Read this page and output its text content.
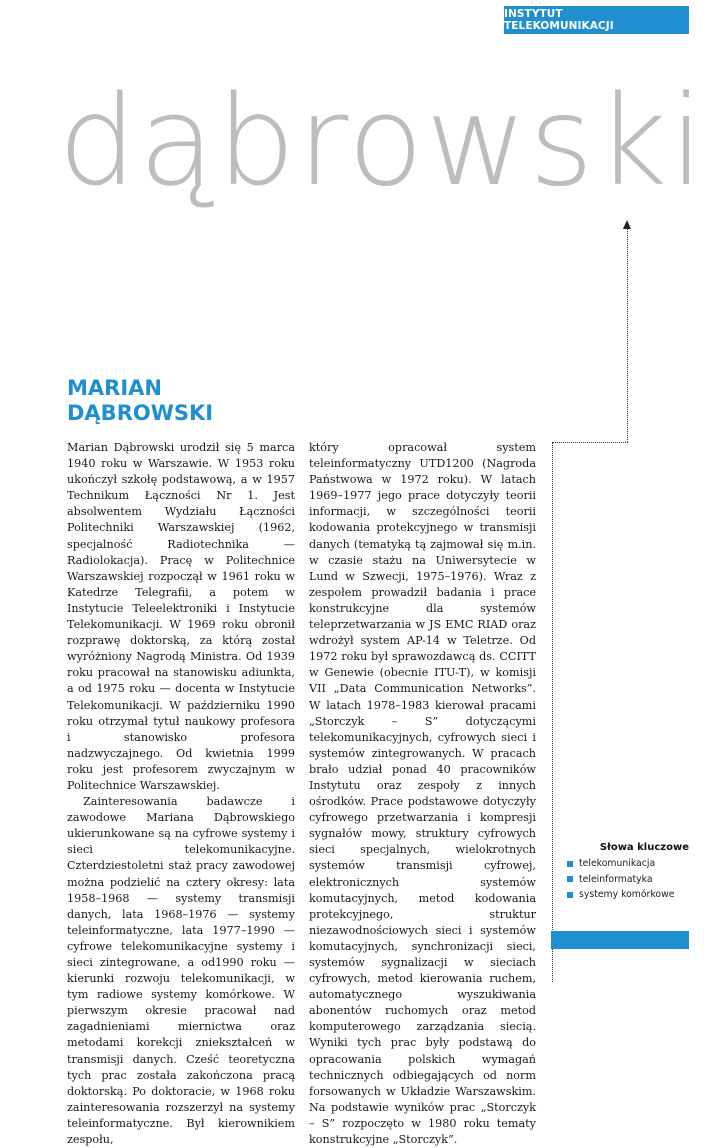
INSTYTUT TELEKOMUNIKACJI
dąbrowski
MARIAN
DĄBROWSKI

Marian Dąbrowski urodził się 5 marca 1940 roku w Warszawie. W 1953 roku ukończył szkołę podstawową, a w 1957 Technikum Łączności Nr 1. Jest absolwentem Wydziału Łączności Politechniki Warszawskiej (1962, specjalność Radiotechnika — Radiolokacja). Pracę w Politechnice Warszawskiej rozpoczął w 1961 roku w Katedrze Telegrafii, a potem w Instytucie Teleelektroniki i Instytucie Telekomunikacji. W 1969 roku obronił rozprawę doktorską, za którą został wyróżniony Nagrodą Ministra. Od 1939 roku pracował na stanowisku adiunkta, a od 1975 roku — docenta w Instytucie Telekomunikacji. W październiku 1990 roku otrzymał tytuł naukowy profesora i stanowisko profesora nadzwyczajnego. Od kwietnia 1999 roku jest profesorem zwyczajnym w Politechnice Warszawskiej.

Zainteresowania badawcze i zawodowe Mariana Dąbrowskiego ukierunkowane są na cyfrowe systemy i sieci telekomunikacyjne. Czterdziestoletni staż pracy zawodowej można podzielić na cztery okresy: lata 1958–1968 — systemy transmisji danych, lata 1968–1976 — systemy teleinformatyczne, lata 1977–1990 — cyfrowe telekomunikacyjne systemy i sieci zintegrowane, a od1990 roku — kierunki rozwoju telekomunikacji, w tym radiowe systemy komórkowe. W pierwszym okresie pracował nad zagadnieniami miernictwa oraz metodami korekcji zniekształceń w transmisji danych. Cześć teoretyczna tych prac została zakończona pracą doktorską. Po doktoracie, w 1968 roku zainteresowania rozszerzył na systemy teleinformatyczne. Był kierownikiem zespołu,

który opracował system teleinformatyczny UTD1200 (Nagroda Państwowa w 1972 roku). W latach 1969–1977 jego prace dotyczyły teorii informacji, w szczególności teorii kodowania protekcyjnego w transmisji danych (tematyką tą zajmował się m.in. w czasie stażu na Uniwersytecie w Lund w Szwecji, 1975–1976). Wraz z zespołem prowadził badania i prace konstrukcyjne dla systemów teleprzetwarzania w JS EMC RIAD oraz wdrożył system AP-14 w Teletrze. Od 1972 roku był sprawozdawcą ds. CCITT w Genewie (obecnie ITU-T), w komisji VII „Data Communication Networks”. W latach 1978–1983 kierował pracami „Storczyk – S” dotyczącymi telekomunikacyjnych, cyfrowych sieci i systemów zintegrowanych. W pracach brało udział ponad 40 pracowników Instytutu oraz zespoły z innych ośrodków. Prace podstawowe dotyczyły cyfrowego przetwarzania i kompresji sygnałów mowy, struktury cyfrowych sieci specjalnych, wielokrotnych systemów transmisji cyfrowej, elektronicznych systemów komutacyjnych, metod kodowania protekcyjnego, struktur niezawodnościowych sieci i systemów komutacyjnych, synchronizacji sieci, systemów sygnalizacji w sieciach cyfrowych, metod kierowania ruchem, automatycznego wyszukiwania abonentów ruchomych oraz metod komputerowego zarządzania siecią. Wyniki tych prac były podstawą do opracowania polskich wymagań technicznych odbiegających od norm forsowanych w Układzie Warszawskim. Na podstawie wyników prac „Storczyk – S” rozpoczęto w 1980 roku tematy konstrukcyjne „Storczyk”.

Słowa kluczowe
telekomunikacja
teleinformatyka
systemy komórkowe
